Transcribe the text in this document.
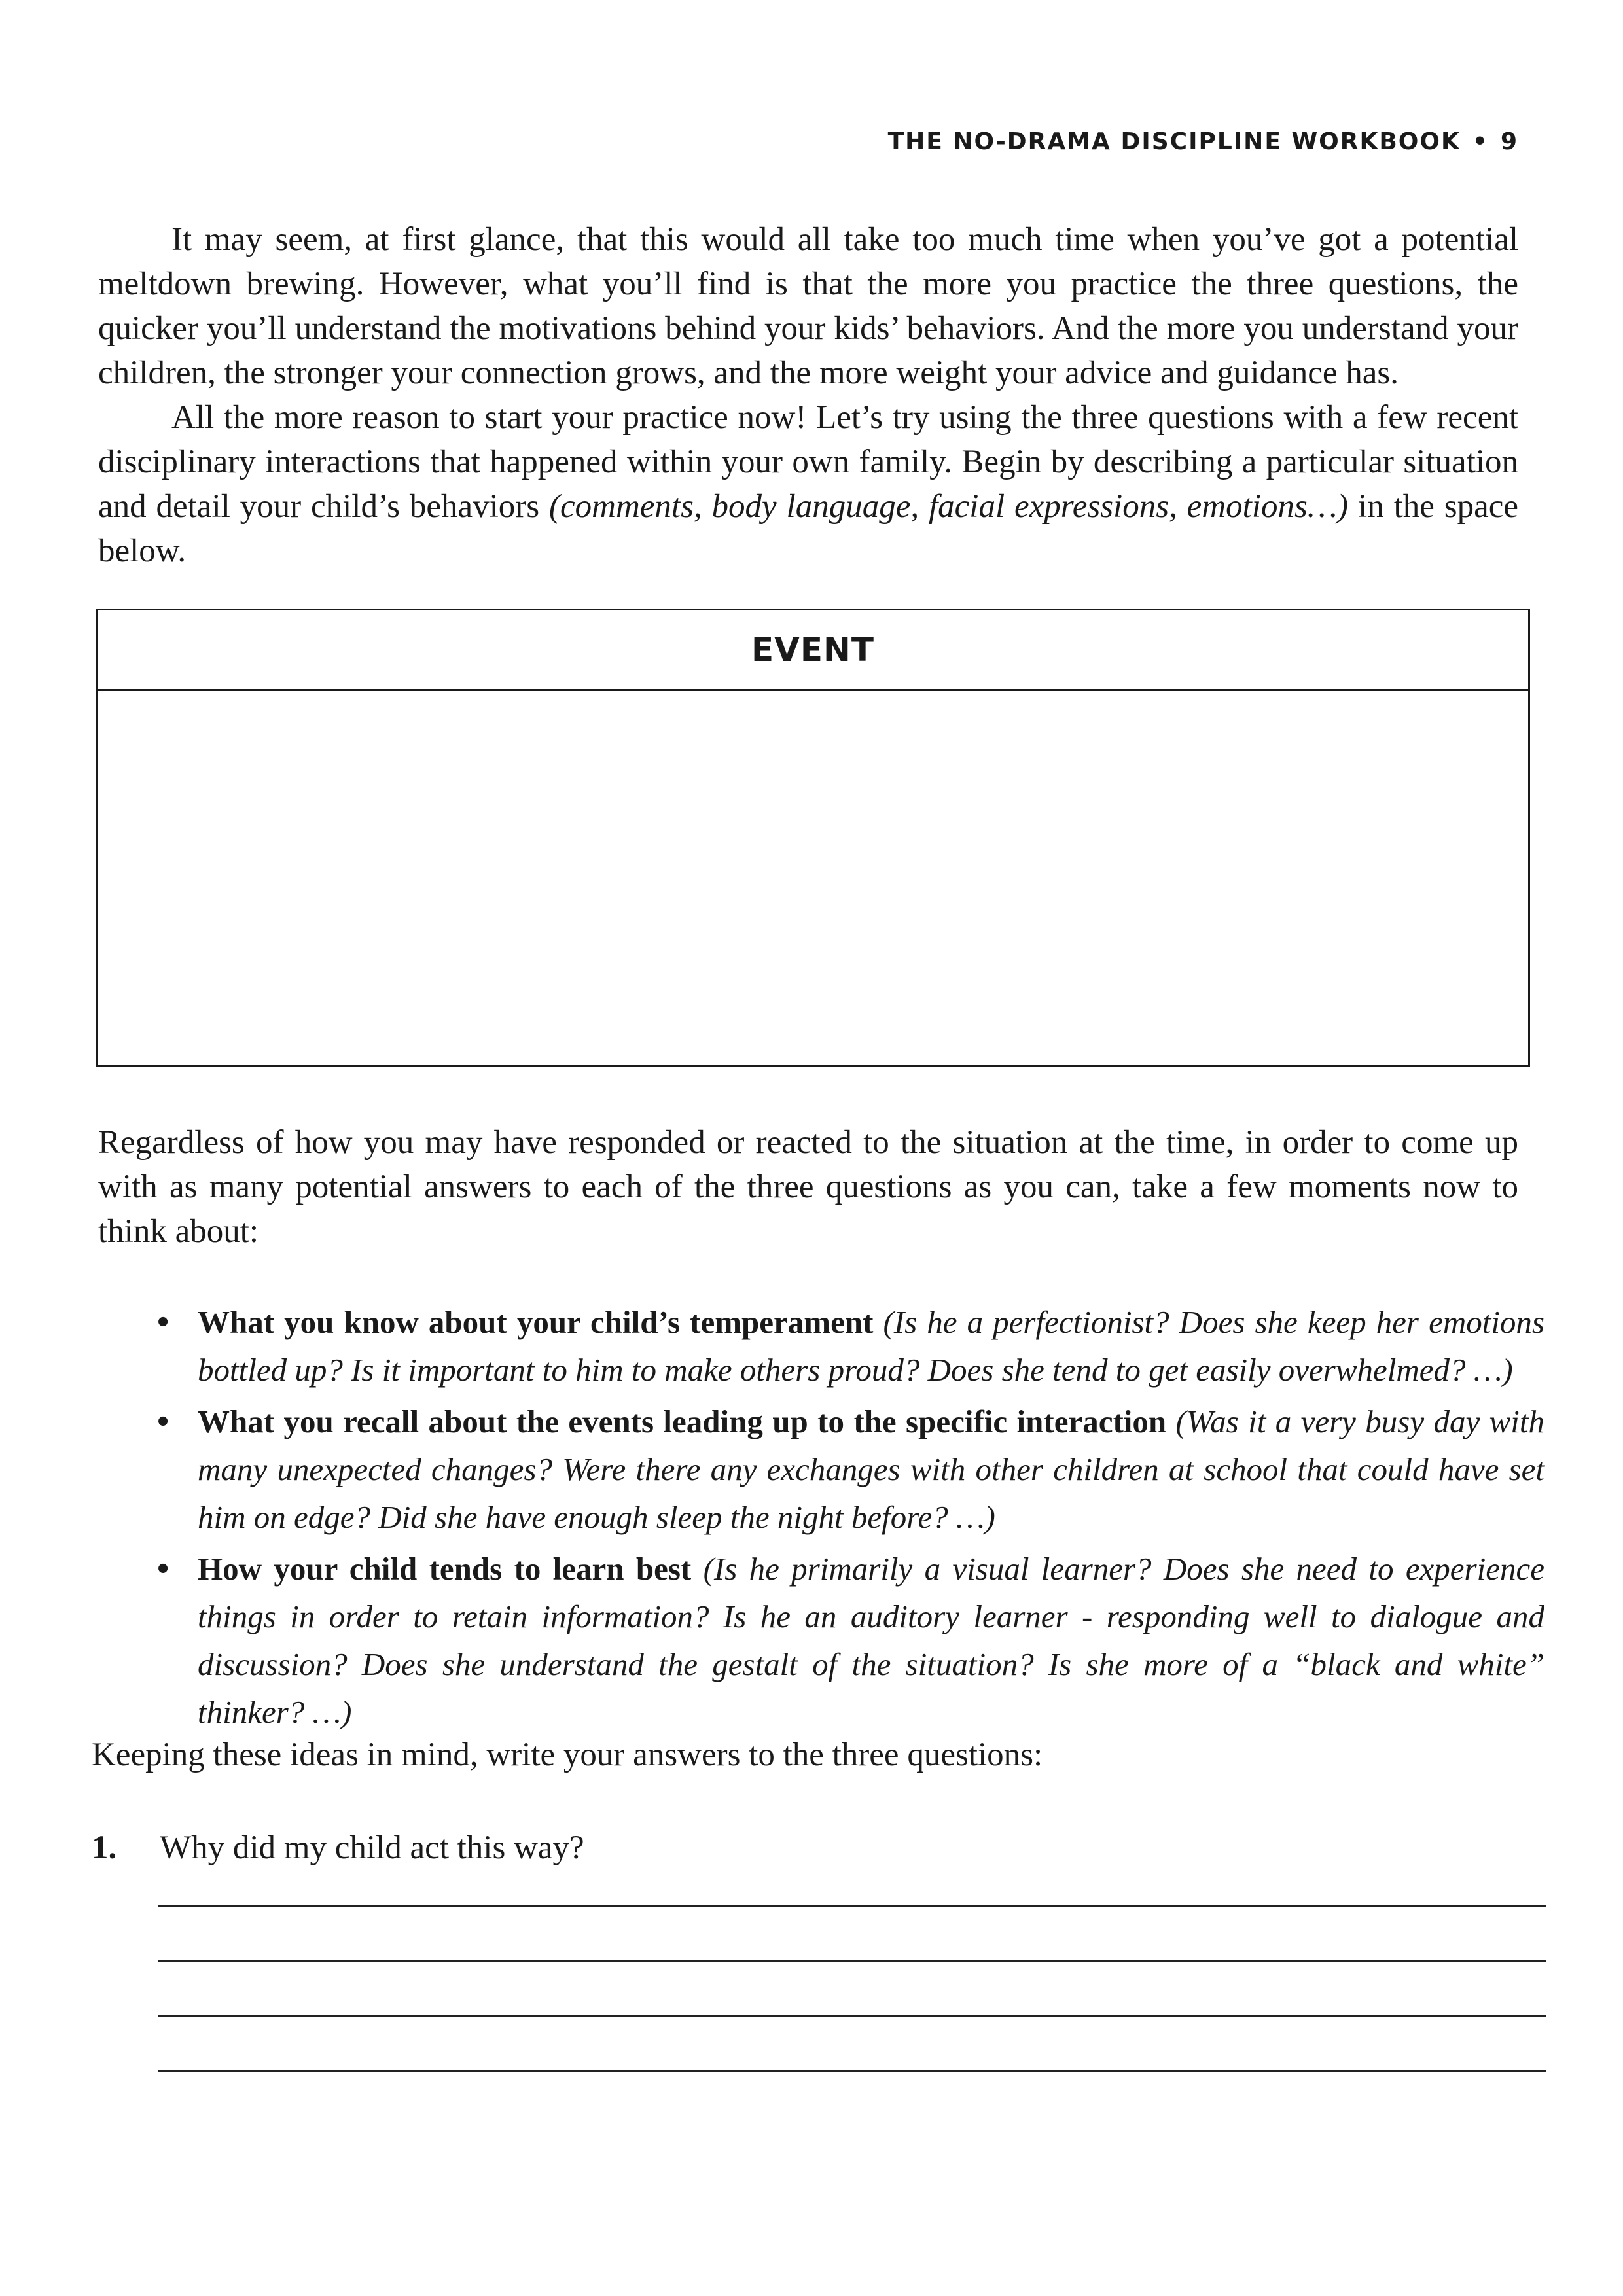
THE NO-DRAMA DISCIPLINE WORKBOOK • 9

It may seem, at first glance, that this would all take too much time when you’ve got a potential meltdown brewing. However, what you’ll find is that the more you practice the three questions, the quicker you’ll understand the motivations behind your kids’ behaviors. And the more you understand your children, the stronger your connection grows, and the more weight your advice and guidance has.

All the more reason to start your practice now! Let’s try using the three questions with a few recent disciplinary interactions that happened within your own family. Begin by describing a particular situation and detail your child’s behaviors (comments, body language, facial expressions, emotions…) in the space below.

EVENT

Regardless of how you may have responded or reacted to the situation at the time, in order to come up with as many potential answers to each of the three questions as you can, take a few moments now to think about:

• What you know about your child’s temperament (Is he a perfectionist? Does she keep her emotions bottled up? Is it important to him to make others proud? Does she tend to get easily overwhelmed? …)
• What you recall about the events leading up to the specific interaction (Was it a very busy day with many unexpected changes? Were there any exchanges with other children at school that could have set him on edge? Did she have enough sleep the night before? …)
• How your child tends to learn best (Is he primarily a visual learner? Does she need to experience things in order to retain information? Is he an auditory learner - responding well to dialogue and discussion? Does she understand the gestalt of the situation? Is she more of a “black and white” thinker? …)
Keeping these ideas in mind, write your answers to the three questions:
1. Why did my child act this way?
